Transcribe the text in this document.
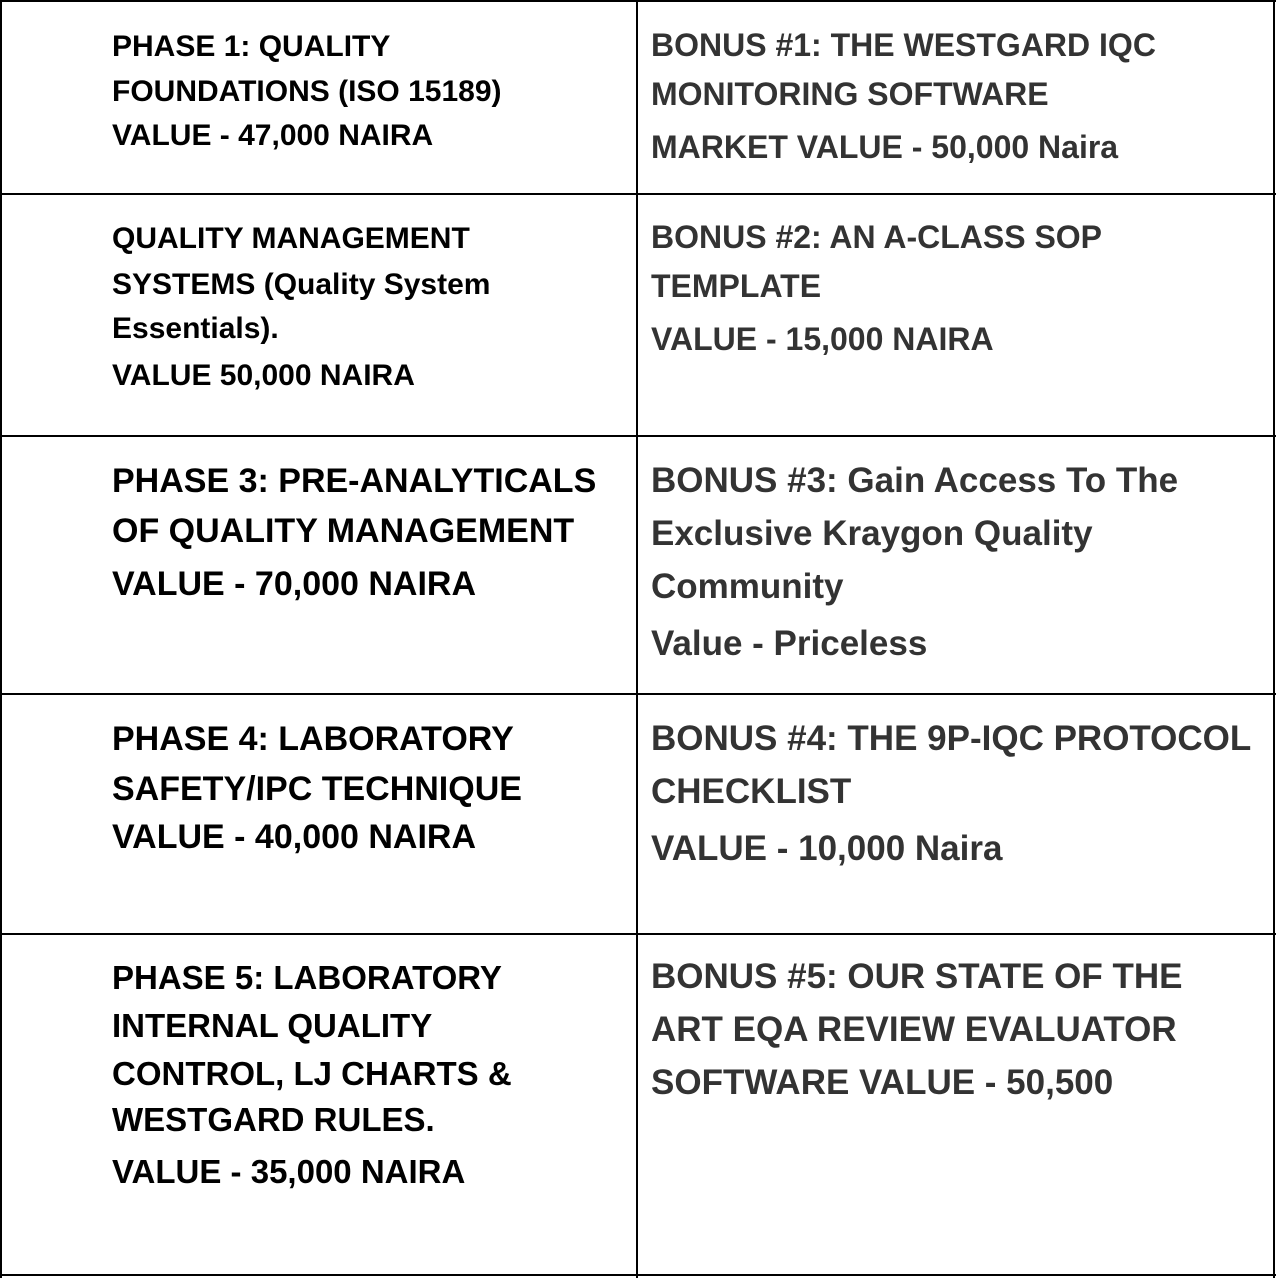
PHASE 1: QUALITY
FOUNDATIONS (ISO 15189)
VALUE - 47,000 NAIRA
BONUS #1: THE WESTGARD IQC
MONITORING SOFTWARE
MARKET VALUE - 50,000 Naira
QUALITY MANAGEMENT
SYSTEMS (Quality System
Essentials).
VALUE 50,000 NAIRA
BONUS #2: AN A-CLASS SOP
TEMPLATE
VALUE - 15,000 NAIRA
PHASE 3: PRE-ANALYTICALS
OF QUALITY MANAGEMENT
VALUE - 70,000 NAIRA
BONUS #3: Gain Access To The
Exclusive Kraygon Quality
Community
Value - Priceless
PHASE 4: LABORATORY
SAFETY/IPC TECHNIQUE
VALUE - 40,000 NAIRA
BONUS #4: THE 9P-IQC PROTOCOL
CHECKLIST
VALUE - 10,000 Naira
PHASE 5: LABORATORY
INTERNAL QUALITY
CONTROL, LJ CHARTS &
WESTGARD RULES.
VALUE - 35,000 NAIRA
BONUS #5: OUR STATE OF THE
ART EQA REVIEW EVALUATOR
SOFTWARE VALUE - 50,500
